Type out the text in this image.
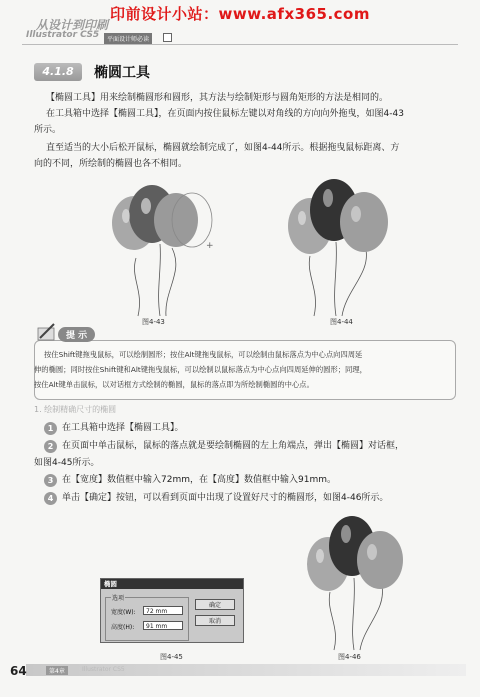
印前设计小站：www.afx365.com
从设计到印刷
Illustrator CS5	平面设计师必读
4.1.8	椭圆工具
【椭圆工具】用来绘制椭圆形和圆形，其方法与绘制矩形与圆角矩形的方法是相同的。
在工具箱中选择【椭圆工具】，在页面内按住鼠标左键以对角线的方向向外拖曳，如图4-43
所示。
直至适当的大小后松开鼠标，椭圆就绘制完成了，如图4-44所示。根据拖曳鼠标距离、方
向的不同，所绘制的椭圆也各不相同。
+
图4-43	图4-44
提 示
按住Shift键拖曳鼠标，可以绘制圆形；按住Alt键拖曳鼠标，可以绘制由鼠标落点为中心点向四周延
伸的椭圆；同时按住Shift键和Alt键拖曳鼠标，可以绘制以鼠标落点为中心点向四周延伸的圆形；同理，
按住Alt键单击鼠标，以对话框方式绘制的椭圆，鼠标的落点即为所绘制椭圆的中心点。
1. 绘制精确尺寸的椭圆
1 在工具箱中选择【椭圆工具】。
2 在页面中单击鼠标，鼠标的落点就是要绘制椭圆的左上角端点，弹出【椭圆】对话框，
如图4-45所示。
3 在【宽度】数值框中输入72mm，在【高度】数值框中输入91mm。
4 单击【确定】按钮，可以看到页面中出现了设置好尺寸的椭圆形，如图4-46所示。
椭圆
选项
宽度(W):	72 mm
高度(H):	91 mm
确定
取消
图4-45	图4-46
64	第4章	Illustrator CS5
